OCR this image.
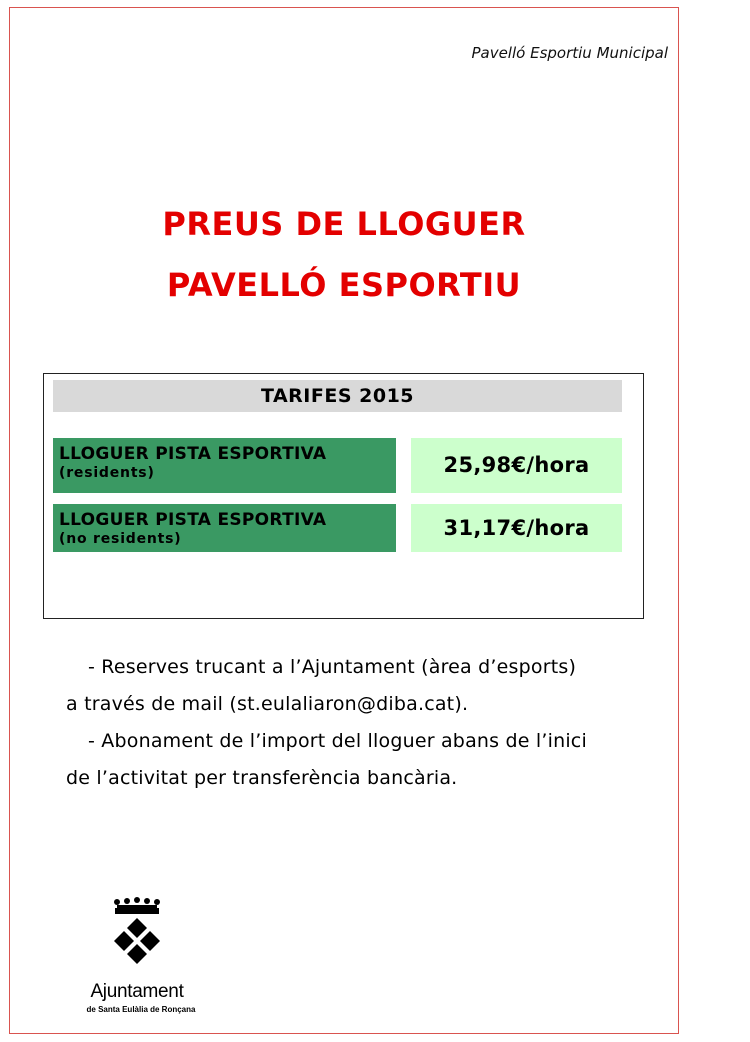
Pavelló Esportiu Municipal
PREUS DE LLOGUER
PAVELLÓ ESPORTIU
TARIFES 2015
LLOGUER PISTA ESPORTIVA
(residents)	25,98€/hora
LLOGUER PISTA ESPORTIVA
(no residents)	31,17€/hora

- Reserves trucant a l’Ajuntament (àrea d’esports)

a través de mail (st.eulaliaron@diba.cat).

- Abonament de l’import del lloguer abans de l’inici

de l’activitat per transferència bancària.

Ajuntament
de Santa Eulàlia de Ronçana
